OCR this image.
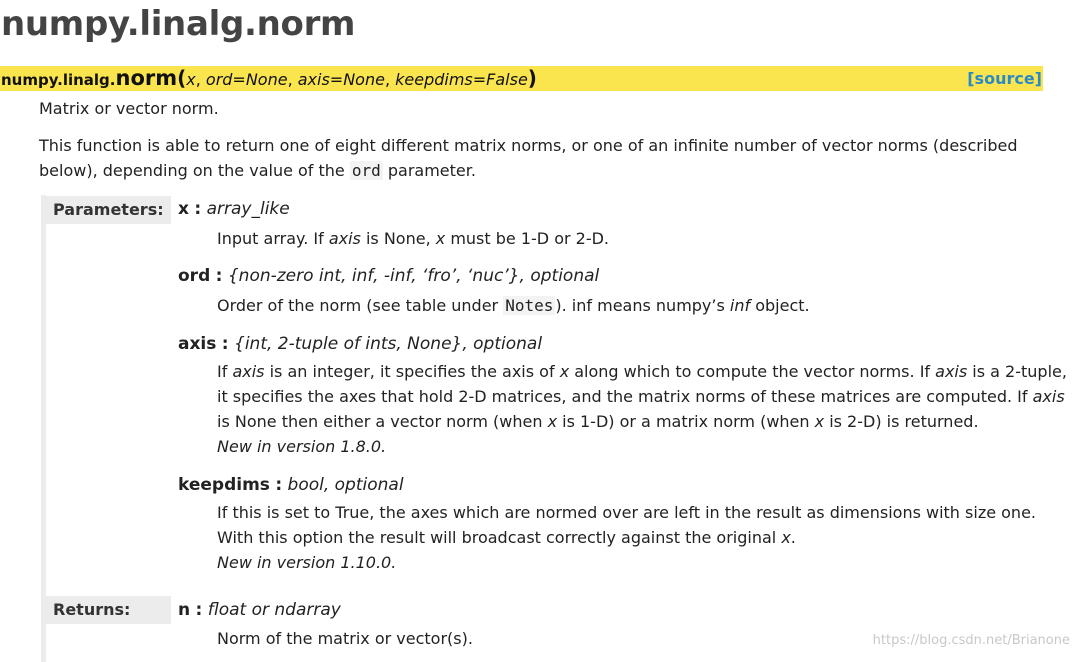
numpy.linalg.norm
numpy.linalg.norm(x, ord=None, axis=None, keepdims=False)	[source]

Matrix or vector norm.

This function is able to return one of eight different matrix norms, or one of an infinite number of vector norms (described
below), depending on the value of the ord parameter.

Parameters: x : array_like
Input array. If axis is None, x must be 1-D or 2-D.
ord : {non-zero int, inf, -inf, ‘fro’, ‘nuc’}, optional
Order of the norm (see table under Notes ). inf means numpy’s inf object.
axis : {int, 2-tuple of ints, None}, optional
If axis is an integer, it specifies the axis of x along which to compute the vector norms. If axis is a 2-tuple,
it specifies the axes that hold 2-D matrices, and the matrix norms of these matrices are computed. If axis
is None then either a vector norm (when x is 1-D) or a matrix norm (when x is 2-D) is returned.
New in version 1.8.0.
keepdims : bool, optional
If this is set to True, the axes which are normed over are left in the result as dimensions with size one.
With this option the result will broadcast correctly against the original x.
New in version 1.10.0.
Returns:	n : float or ndarray
Norm of the matrix or vector(s).	https://blog.csdn.net/Brianone
